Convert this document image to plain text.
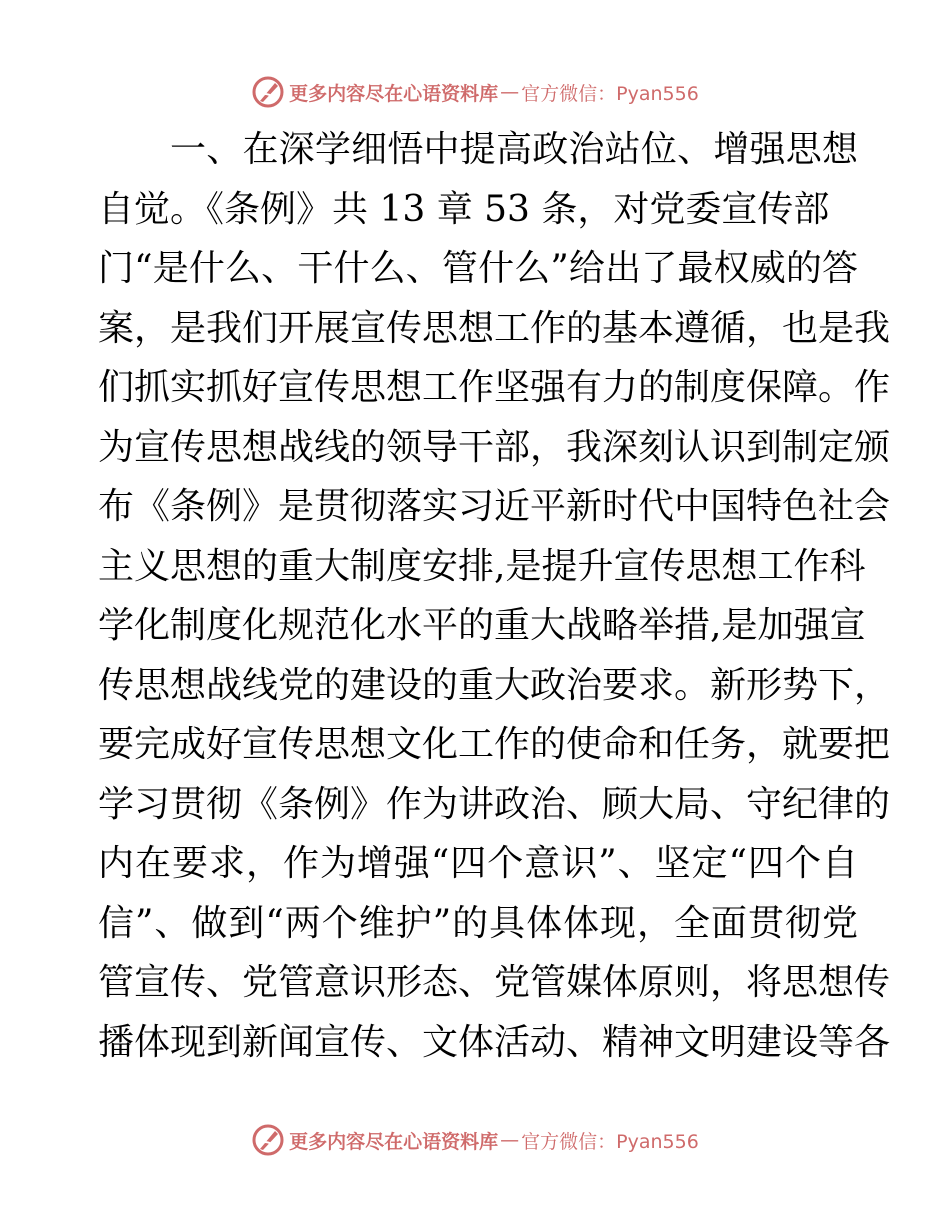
更多内容尽在心语资料库 — 官方微信：Pyan556
一、在深学细悟中提高政治站位、增强思想
自觉。《条例》共 13 章 53 条，对党委宣传部
门“是什么、干什么、管什么”给出了最权威的答
案，是我们开展宣传思想工作的基本遵循，也是我
们抓实抓好宣传思想工作坚强有力的制度保障。作
为宣传思想战线的领导干部，我深刻认识到制定颁
布《条例》是贯彻落实习近平新时代中国特色社会
主义思想的重大制度安排,是提升宣传思想工作科
学化制度化规范化水平的重大战略举措,是加强宣
传思想战线党的建设的重大政治要求。新形势下，
要完成好宣传思想文化工作的使命和任务，就要把
学习贯彻《条例》作为讲政治、顾大局、守纪律的
内在要求，作为增强“四个意识”、坚定“四个自
信”、做到“两个维护”的具体体现，全面贯彻党
管宣传、党管意识形态、党管媒体原则，将思想传
播体现到新闻宣传、文体活动、精神文明建设等各
更多内容尽在心语资料库 — 官方微信：Pyan556
